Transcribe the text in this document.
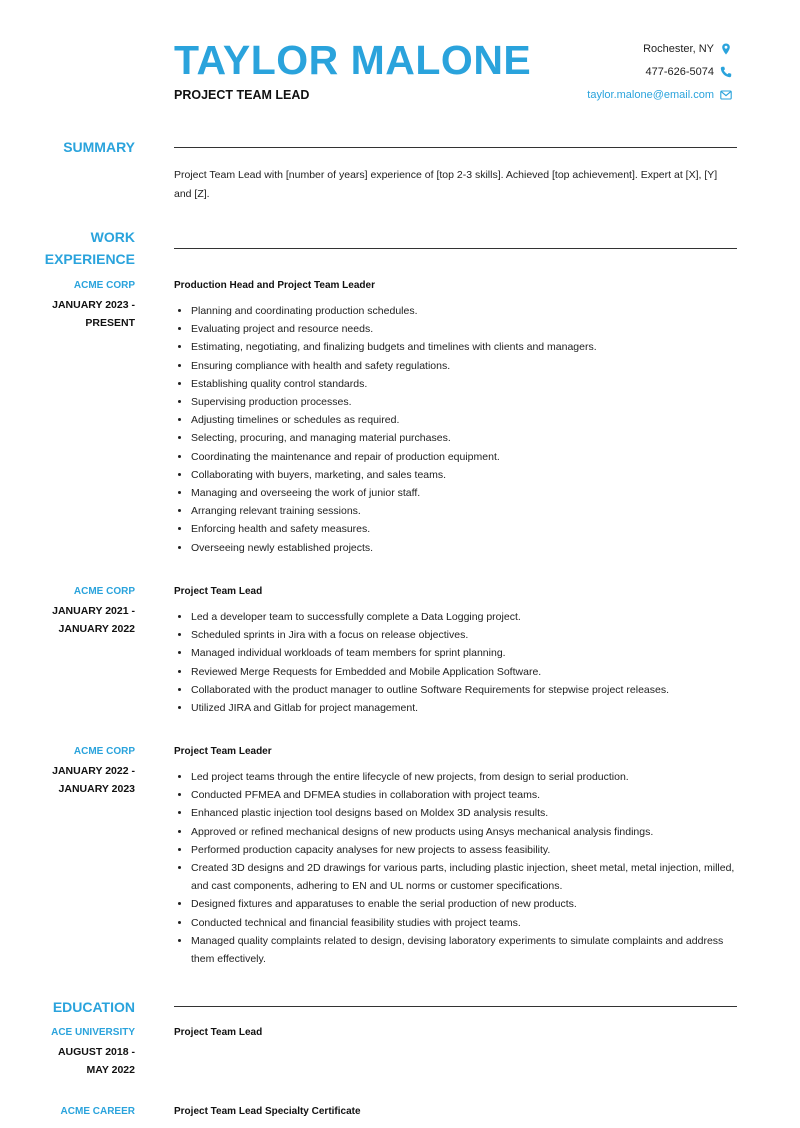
TAYLOR MALONE
PROJECT TEAM LEAD
Rochester, NY
477-626-5074
taylor.malone@email.com
SUMMARY

Project Team Lead with [number of years] experience of [top 2-3 skills]. Achieved [top achievement]. Expert at [X], [Y] and [Z].

WORK
EXPERIENCE
ACME CORP
JANUARY 2023 -
PRESENT
Production Head and Project Team Leader
• Planning and coordinating production schedules.
• Evaluating project and resource needs.
• Estimating, negotiating, and finalizing budgets and timelines with clients and managers.
• Ensuring compliance with health and safety regulations.
• Establishing quality control standards.
• Supervising production processes.
• Adjusting timelines or schedules as required.
• Selecting, procuring, and managing material purchases.
• Coordinating the maintenance and repair of production equipment.
• Collaborating with buyers, marketing, and sales teams.
• Managing and overseeing the work of junior staff.
• Arranging relevant training sessions.
• Enforcing health and safety measures.
• Overseeing newly established projects.
ACME CORP
JANUARY 2021 -
JANUARY 2022
Project Team Lead
• Led a developer team to successfully complete a Data Logging project.
• Scheduled sprints in Jira with a focus on release objectives.
• Managed individual workloads of team members for sprint planning.
• Reviewed Merge Requests for Embedded and Mobile Application Software.
• Collaborated with the product manager to outline Software Requirements for stepwise project releases.
• Utilized JIRA and Gitlab for project management.
ACME CORP
JANUARY 2022 -
JANUARY 2023
Project Team Leader
• Led project teams through the entire lifecycle of new projects, from design to serial production.
• Conducted PFMEA and DFMEA studies in collaboration with project teams.
• Enhanced plastic injection tool designs based on Moldex 3D analysis results.
• Approved or refined mechanical designs of new products using Ansys mechanical analysis findings.
• Performed production capacity analyses for new projects to assess feasibility.
• Created 3D designs and 2D drawings for various parts, including plastic injection, sheet metal, metal injection, milled, and cast components, adhering to EN and UL norms or customer specifications.
• Designed fixtures and apparatuses to enable the serial production of new products.
• Conducted technical and financial feasibility studies with project teams.
• Managed quality complaints related to design, devising laboratory experiments to simulate complaints and address them effectively.
EDUCATION
ACE UNIVERSITY
AUGUST 2018 -
MAY 2022
Project Team Lead
ACME CAREER	Project Team Lead Specialty Certificate
